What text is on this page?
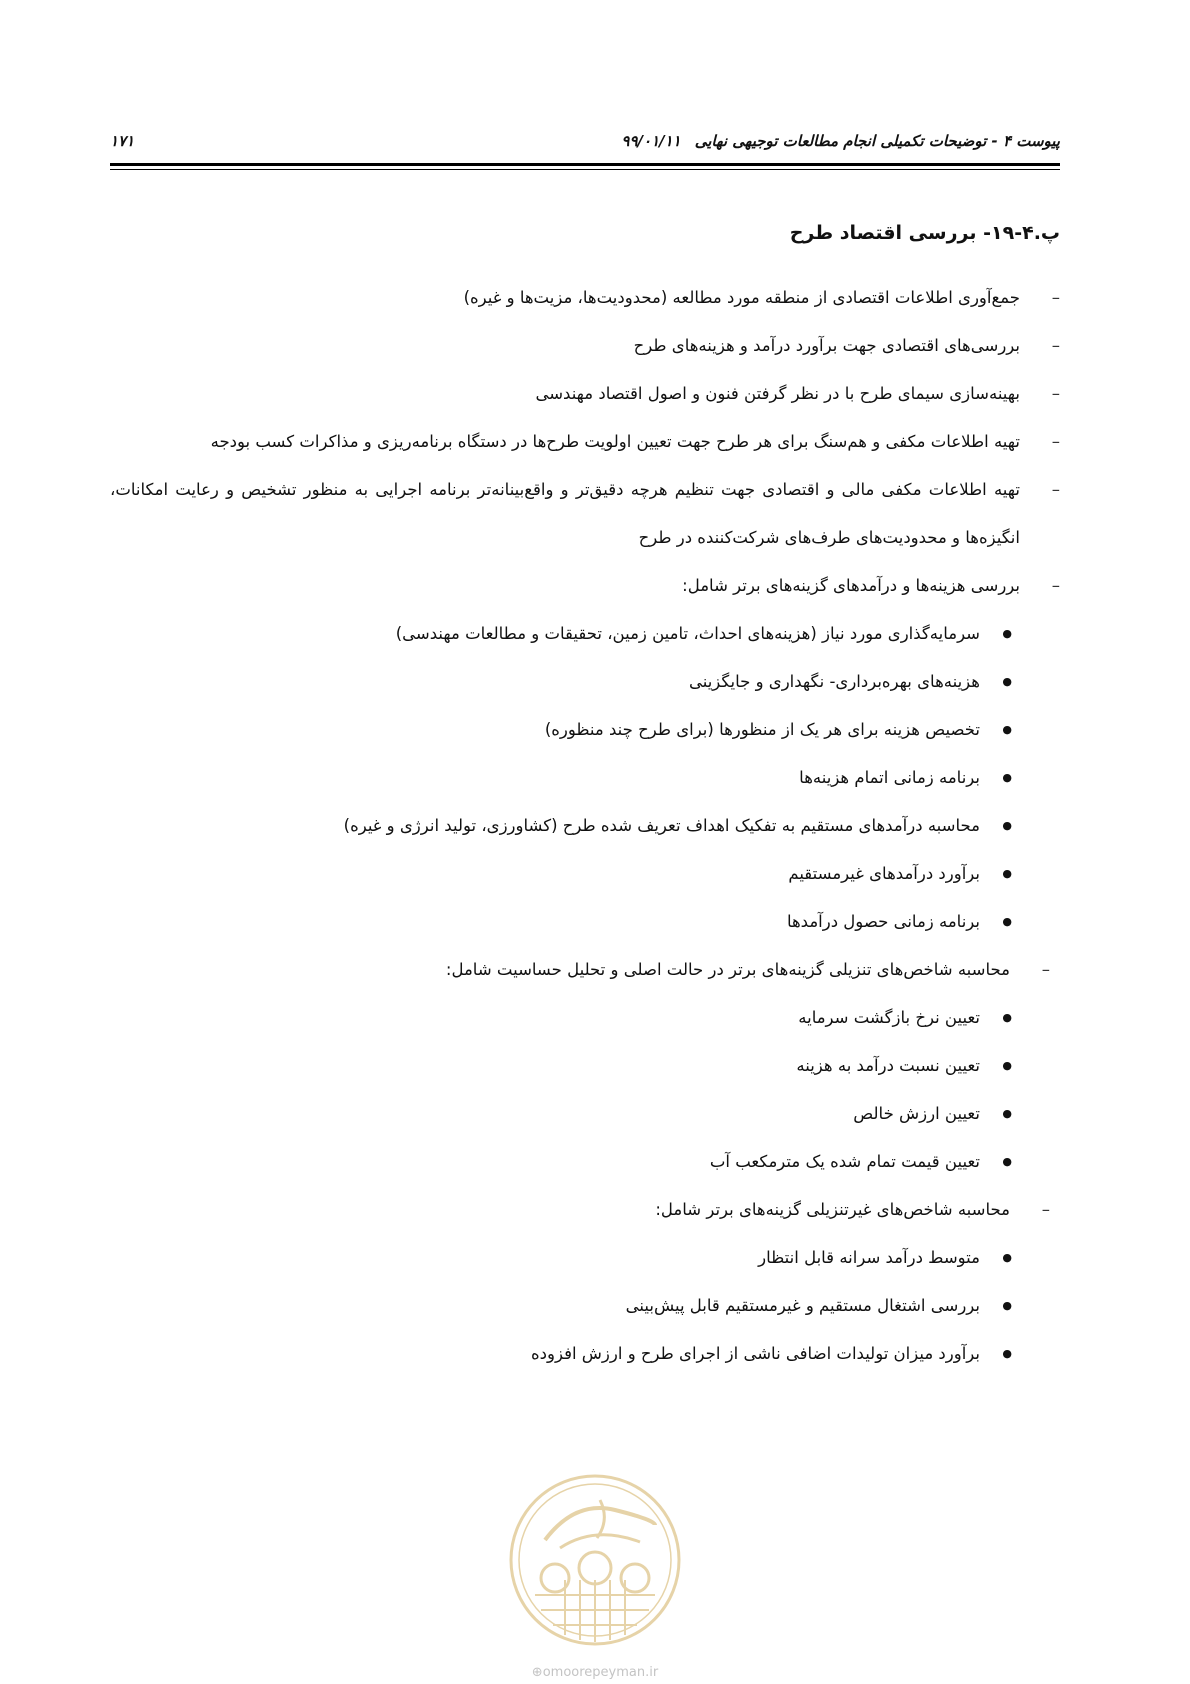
پیوست ۴ - توضیحات تکمیلی انجام مطالعات توجیهی نهایی۹۹/۰۱/۱۱
۱۷۱
پ.۴-۱۹- بررسی اقتصاد طرح
– جمع‌آوری اطلاعات اقتصادی از منطقه مورد مطالعه (محدودیت‌ها، مزیت‌ها و غیره)
– بررسی‌های اقتصادی جهت برآورد درآمد و هزینه‌های طرح
– بهینه‌سازی سیمای طرح با در نظر گرفتن فنون و اصول اقتصاد مهندسی
– تهیه اطلاعات مکفی و هم‌سنگ برای هر طرح جهت تعیین اولویت طرح‌ها در دستگاه برنامه‌ریزی و مذاکرات کسب بودجه
– تهیه اطلاعات مکفی مالی و اقتصادی جهت تنظیم هرچه دقیق‌تر و واقع‌بینانه‌تر برنامه اجرایی به منظور تشخیص و رعایت امکانات، انگیزه‌ها و محدودیت‌های طرف‌های شرکت‌کننده در طرح
– بررسی هزینه‌ها و درآمدهای گزینه‌های برتر شامل:
● سرمایه‌گذاری مورد نیاز (هزینه‌های احداث، تامین زمین، تحقیقات و مطالعات مهندسی)
● هزینه‌های بهره‌برداری- نگهداری و جایگزینی
● تخصیص هزینه برای هر یک از منظورها (برای طرح چند منظوره)
● برنامه زمانی اتمام هزینه‌ها
● محاسبه درآمدهای مستقیم به تفکیک اهداف تعریف شده طرح (کشاورزی، تولید انرژی و غیره)
● برآورد درآمدهای غیرمستقیم
● برنامه زمانی حصول درآمدها
– محاسبه شاخص‌های تنزیلی گزینه‌های برتر در حالت اصلی و تحلیل حساسیت شامل:
● تعیین نرخ بازگشت سرمایه
● تعیین نسبت درآمد به هزینه
● تعیین ارزش خالص
● تعیین قیمت تمام شده یک مترمکعب آب
– محاسبه شاخص‌های غیرتنزیلی گزینه‌های برتر شامل:
● متوسط درآمد سرانه قابل انتظار
● بررسی اشتغال مستقیم و غیرمستقیم قابل پیش‌بینی
● برآورد میزان تولیدات اضافی ناشی از اجرای طرح و ارزش افزوده
⊕omoorepeyman.ir
